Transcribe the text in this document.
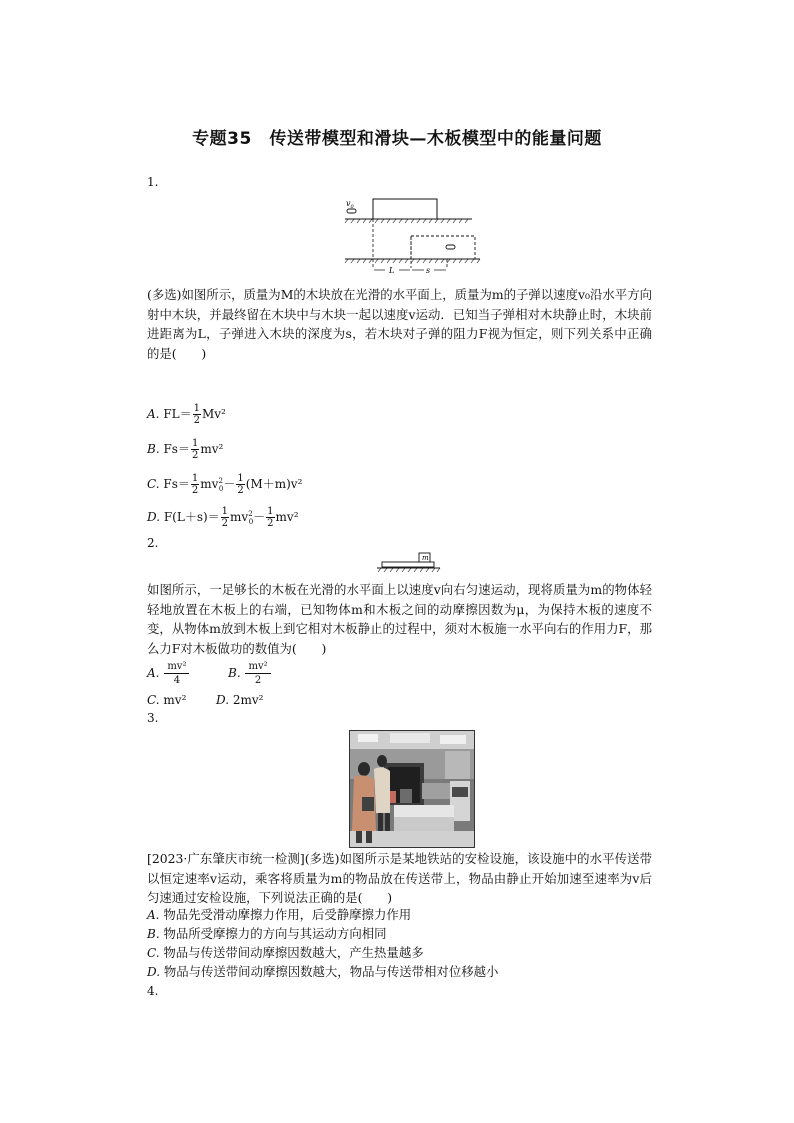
专题35　传送带模型和滑块—木板模型中的能量问题
1.
$v_0$
L	s
(多选)如图所示，质量为M的木块放在光滑的水平面上，质量为m的子弹以速度v₀沿水平方向射中木块，并最终留在木块中与木块一起以速度v运动．已知当子弹相对木块静止时，木块前进距离为L，子弹进入木块的深度为s，若木块对子弹的阻力F视为恒定，则下列关系中正确的是(　　)
A. $FL= \frac{1}{2} Mv^2$
B. $Fs= \frac{1}{2} mv^2$
C. $Fs= \frac{1}{2} mv^2_0- \frac{1}{2} (M+m)v^2$
D. $F(L+s)= \frac{1}{2} mv^2_0- \frac{1}{2} mv^2$
2.
m
如图所示，一足够长的木板在光滑的水平面上以速度v向右匀速运动，现将质量为m的物体轻轻地放置在木板上的右端，已知物体m和木板之间的动摩擦因数为μ，为保持木板的速度不变，从物体m放到木板上到它相对木板静止的过程中，须对木板施一水平向右的作用力F，那么力F对木板做功的数值为(　　)
A. $\frac{\text{mv²}}{4}$	B. $\frac{\text{mv²}}{2}$
C. mv² D. 2mv²
3.
[2023·广东肇庆市统一检测](多选)如图所示是某地铁站的安检设施，该设施中的水平传送带以恒定速率v运动，乘客将质量为m的物品放在传送带上，物品由静止开始加速至速率为v后匀速通过安检设施，下列说法正确的是(　　)
A. 物品先受滑动摩擦力作用，后受静摩擦力作用
B. 物品所受摩擦力的方向与其运动方向相同
C. 物品与传送带间动摩擦因数越大，产生热量越多
D. 物品与传送带间动摩擦因数越大，物品与传送带相对位移越小
4.
